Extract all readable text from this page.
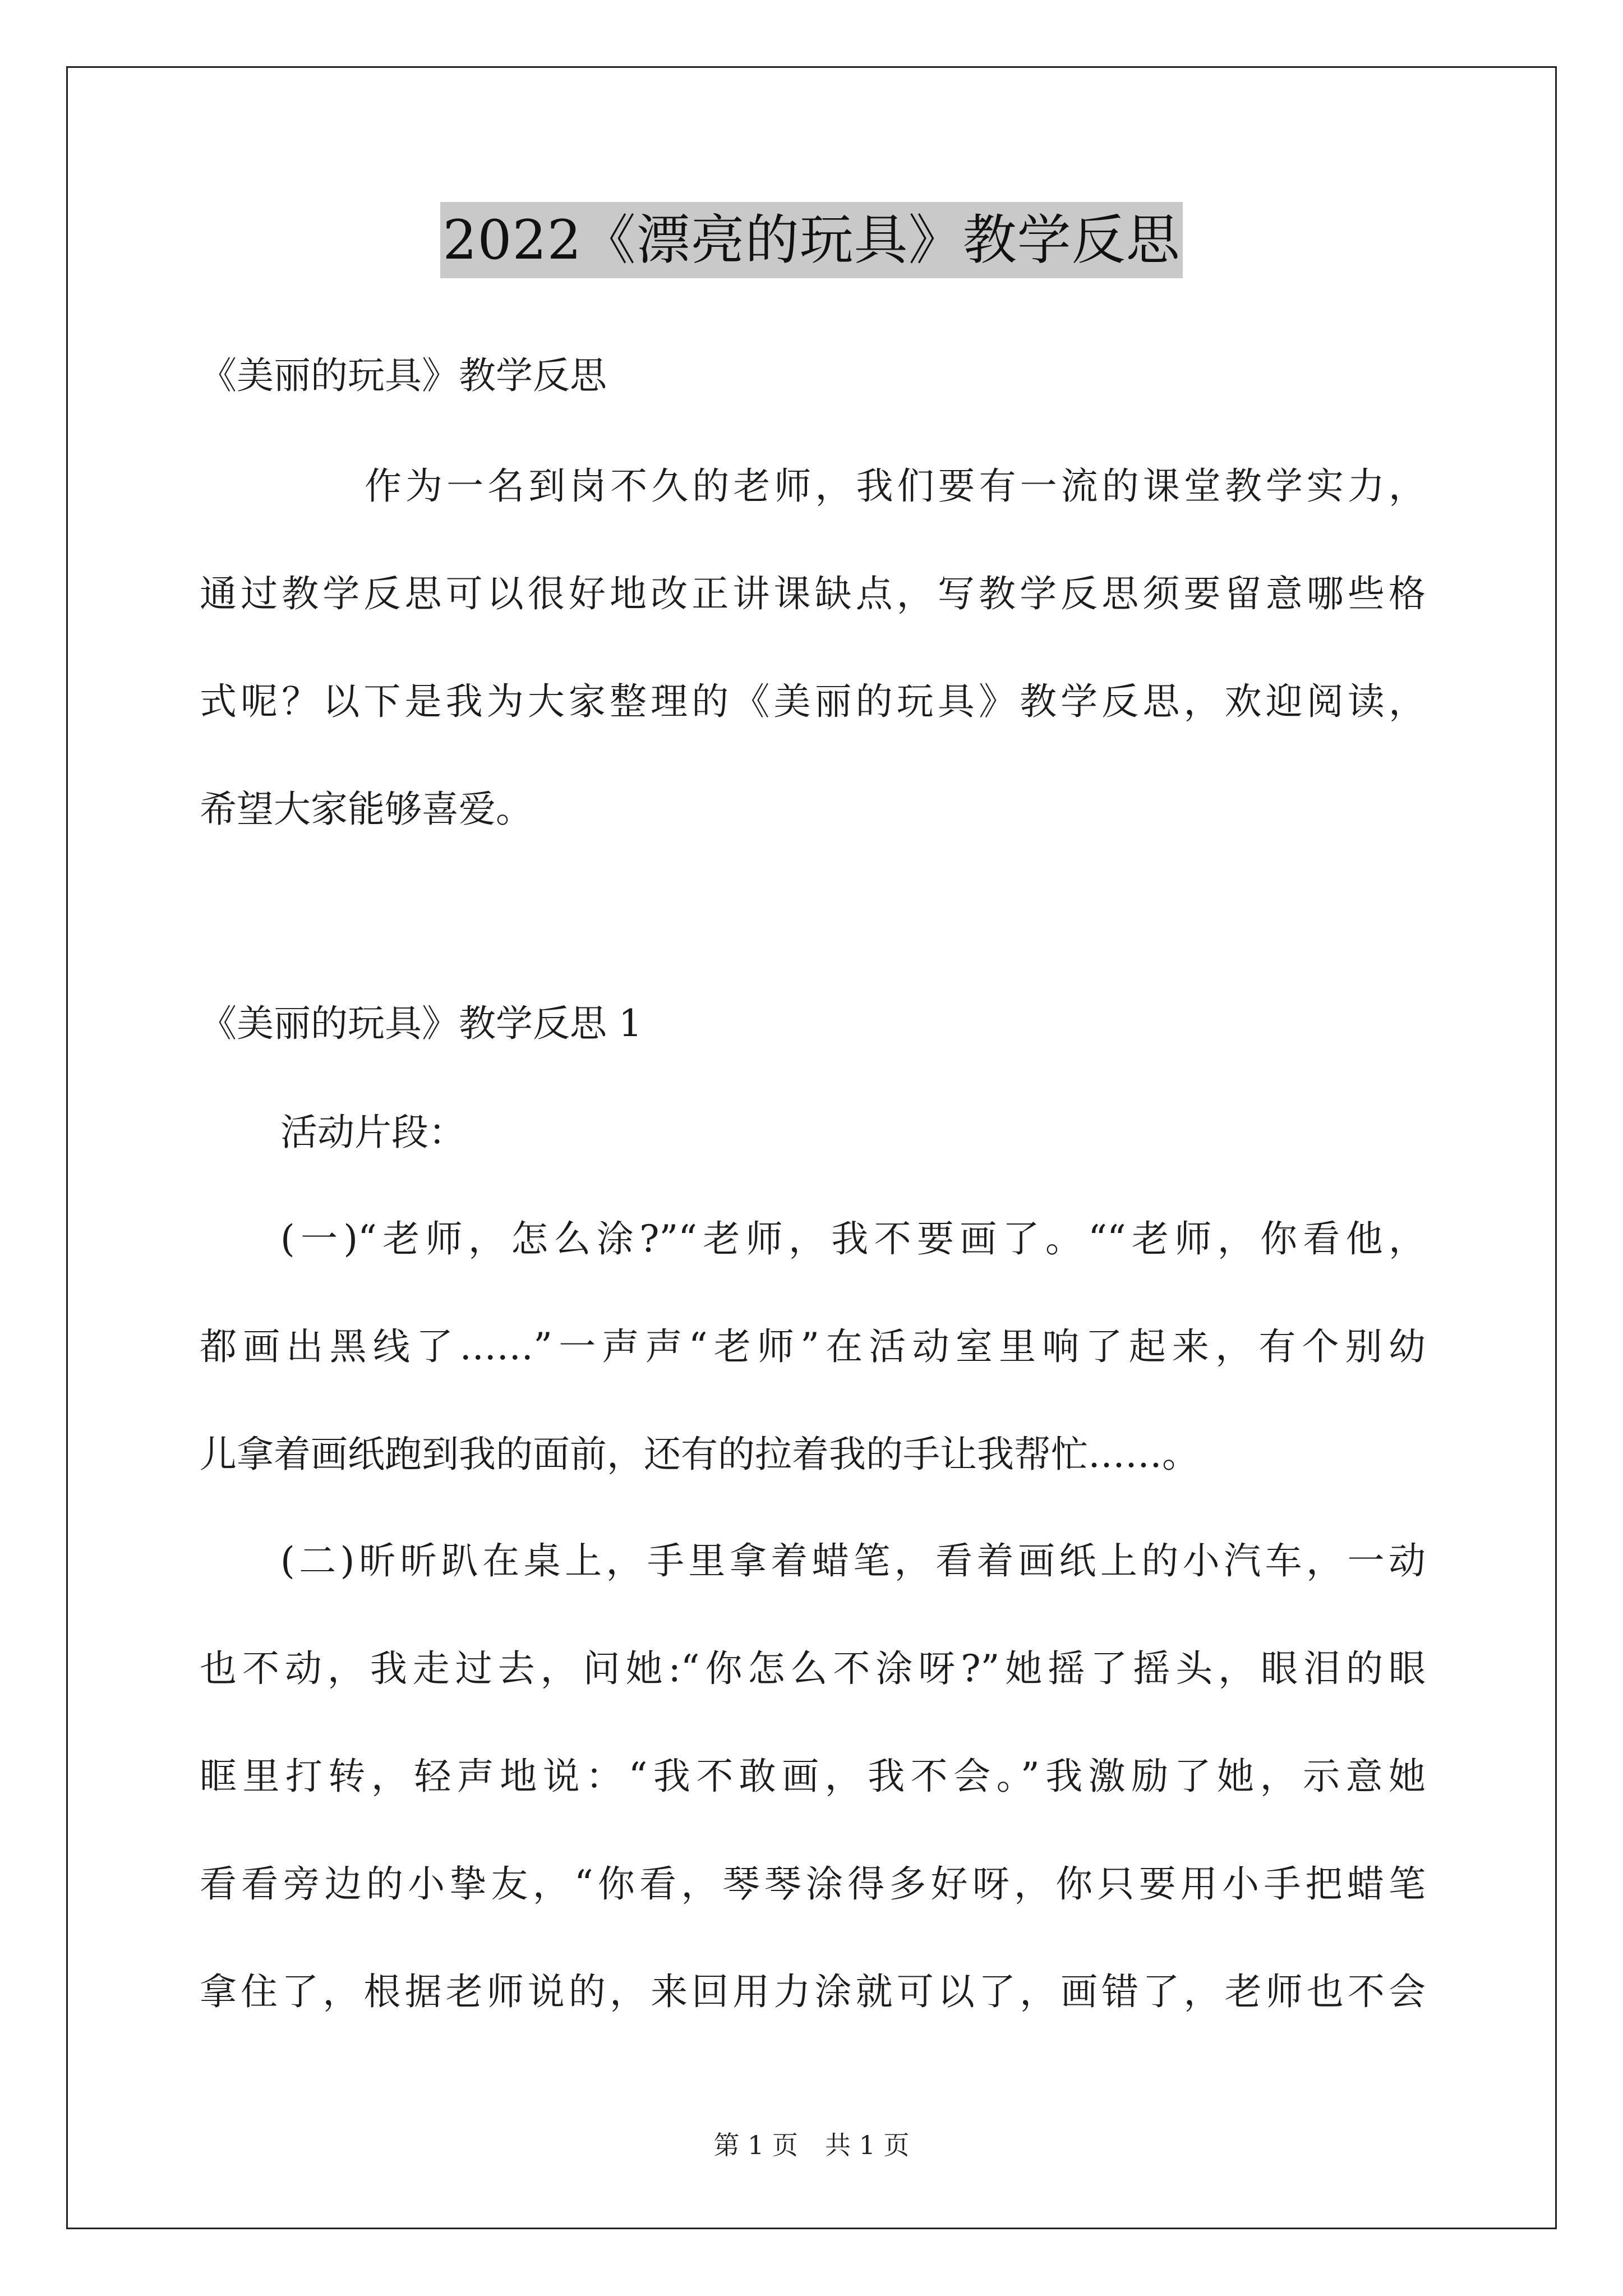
2022《漂亮的玩具》教学反思
《美丽的玩具》教学反思
作为一名到岗不久的老师，我们要有一流的课堂教学实力，
通过教学反思可以很好地改正讲课缺点，写教学反思须要留意哪些格
式呢？以下是我为大家整理的《美丽的玩具》教学反思，欢迎阅读，
希望大家能够喜爱。
《美丽的玩具》教学反思 1
活动片段：
(一)“老师，怎么涂?”“老师，我不要画了。““老师，你看他，
都画出黑线了……”一声声“老师”在活动室里响了起来，有个别幼
儿拿着画纸跑到我的面前，还有的拉着我的手让我帮忙……。
(二)昕昕趴在桌上，手里拿着蜡笔，看着画纸上的小汽车，一动
也不动，我走过去，问她:“你怎么不涂呀?”她摇了摇头，眼泪的眼
眶里打转，轻声地说：“我不敢画，我不会。”我激励了她，示意她
看看旁边的小挚友，“你看，琴琴涂得多好呀，你只要用小手把蜡笔
拿住了，根据老师说的，来回用力涂就可以了，画错了，老师也不会
第 1 页 共 1 页
